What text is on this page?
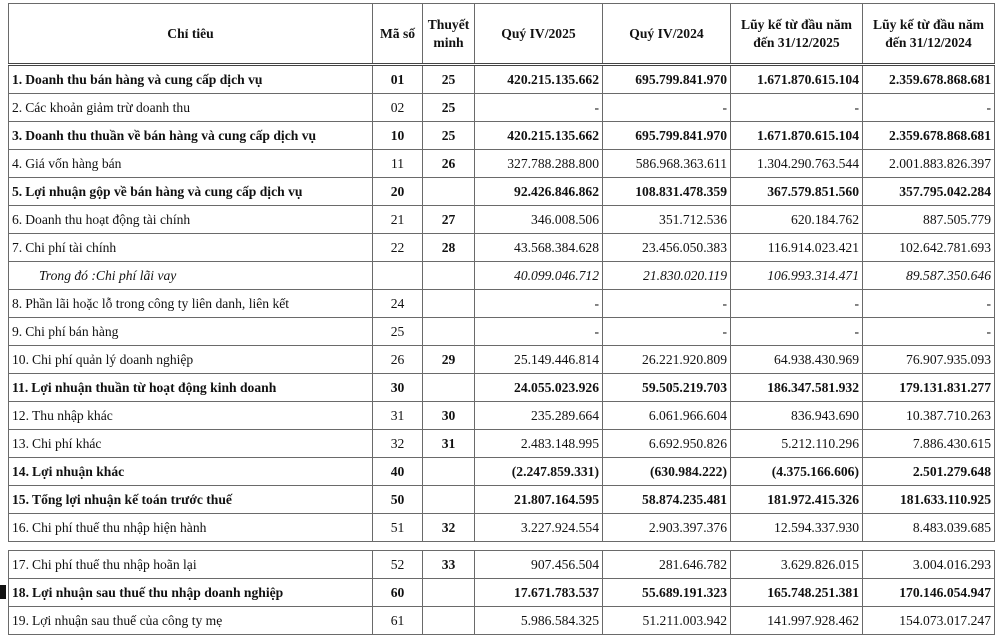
Chỉ tiêu	Mã số	Thuyết minh	Quý IV/2025	Quý IV/2024	Lũy kế từ đầu năm đến 31/12/2025	Lũy kế từ đầu năm đến 31/12/2024
1. Doanh thu bán hàng và cung cấp dịch vụ	01	25	420.215.135.662	695.799.841.970	1.671.870.615.104	2.359.678.868.681
2. Các khoản giảm trừ doanh thu	02	25	-	-	-	-
3. Doanh thu thuần về bán hàng và cung cấp dịch vụ	10	25	420.215.135.662	695.799.841.970	1.671.870.615.104	2.359.678.868.681
4. Giá vốn hàng bán	11	26	327.788.288.800	586.968.363.611	1.304.290.763.544	2.001.883.826.397
5. Lợi nhuận gộp về bán hàng và cung cấp dịch vụ	20		92.426.846.862	108.831.478.359	367.579.851.560	357.795.042.284
6. Doanh thu hoạt động tài chính	21	27	346.008.506	351.712.536	620.184.762	887.505.779
7. Chi phí tài chính	22	28	43.568.384.628	23.456.050.383	116.914.023.421	102.642.781.693
Trong đó :Chi phí lãi vay			40.099.046.712	21.830.020.119	106.993.314.471	89.587.350.646
8. Phần lãi hoặc lỗ trong công ty liên danh, liên kết	24		-	-	-	-
9. Chi phí bán hàng	25		-	-	-	-
10. Chi phí quản lý doanh nghiệp	26	29	25.149.446.814	26.221.920.809	64.938.430.969	76.907.935.093
11. Lợi nhuận thuần từ hoạt động kinh doanh	30		24.055.023.926	59.505.219.703	186.347.581.932	179.131.831.277
12. Thu nhập khác	31	30	235.289.664	6.061.966.604	836.943.690	10.387.710.263
13. Chi phí khác	32	31	2.483.148.995	6.692.950.826	5.212.110.296	7.886.430.615
14. Lợi nhuận khác	40		(2.247.859.331)	(630.984.222)	(4.375.166.606)	2.501.279.648
15. Tổng lợi nhuận kế toán trước thuế	50		21.807.164.595	58.874.235.481	181.972.415.326	181.633.110.925
16. Chi phí thuế thu nhập hiện hành	51	32	3.227.924.554	2.903.397.376	12.594.337.930	8.483.039.685

17. Chi phí thuế thu nhập hoãn lại	52	33	907.456.504	281.646.782	3.629.826.015	3.004.016.293
18. Lợi nhuận sau thuế thu nhập doanh nghiệp	60		17.671.783.537	55.689.191.323	165.748.251.381	170.146.054.947
19. Lợi nhuận sau thuế của công ty mẹ	61		5.986.584.325	51.211.003.942	141.997.928.462	154.073.017.247
